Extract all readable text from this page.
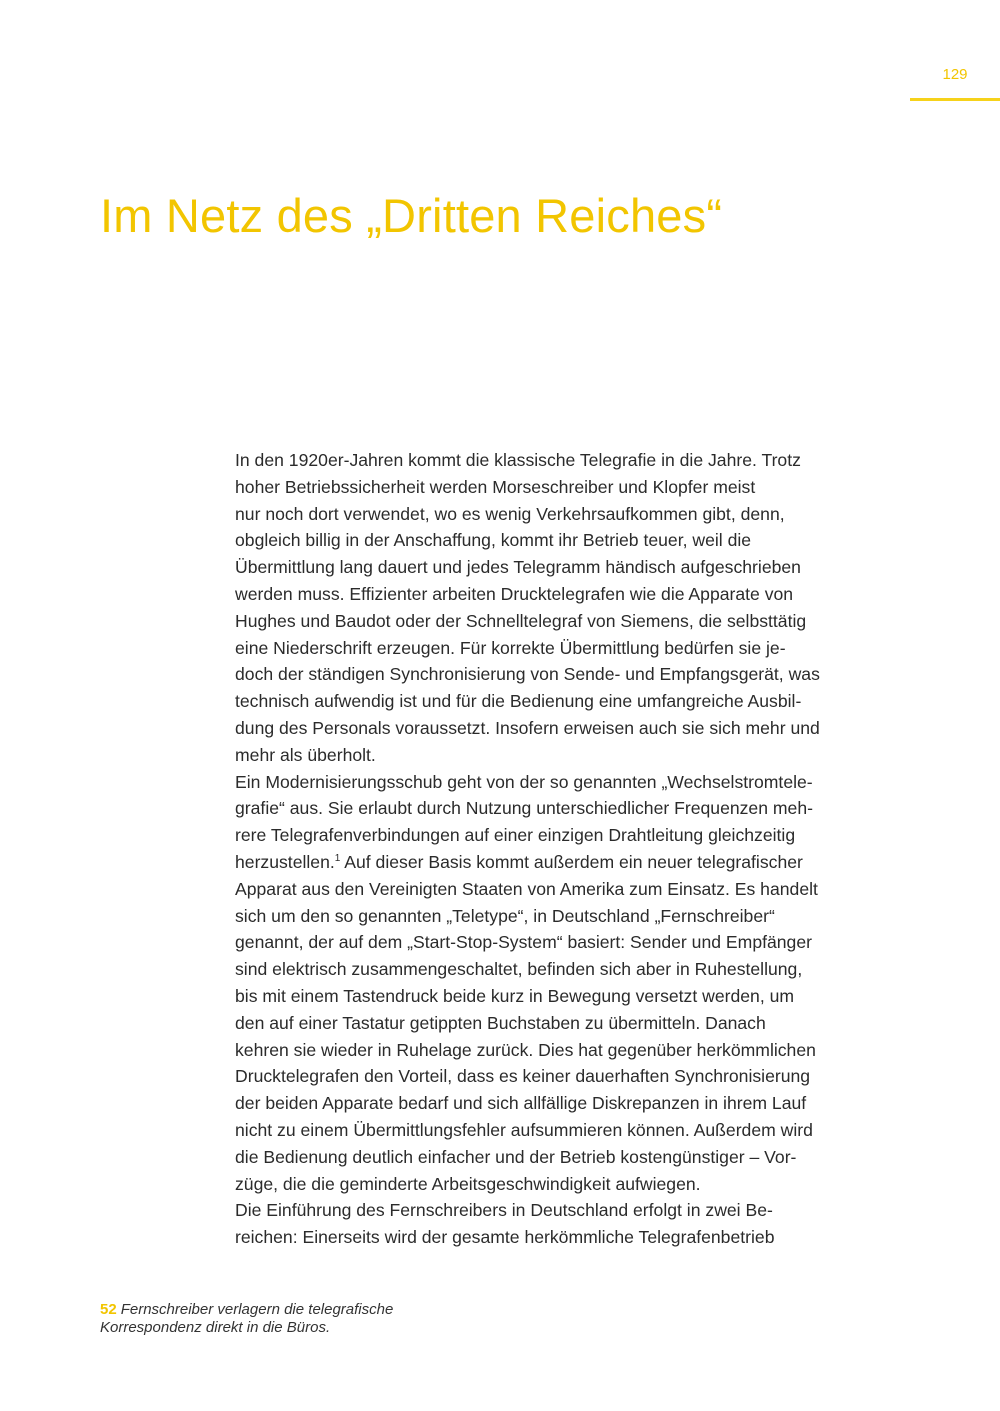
129
Im Netz des „Dritten Reiches“
In den 1920er-Jahren kommt die klassische Telegrafie in die Jahre. Trotz
hoher Betriebssicherheit werden Morseschreiber und Klopfer meist
nur noch dort verwendet, wo es wenig Verkehrsaufkommen gibt, denn,
obgleich billig in der Anschaffung, kommt ihr Betrieb teuer, weil die
Übermittlung lang dauert und jedes Telegramm händisch aufgeschrieben
werden muss. Effizienter arbeiten Drucktelegrafen wie die Apparate von
Hughes und Baudot oder der Schnelltelegraf von Siemens, die selbsttätig
eine Niederschrift erzeugen. Für korrekte Übermittlung bedürfen sie je-
doch der ständigen Synchronisierung von Sende- und Empfangsgerät, was
technisch aufwendig ist und für die Bedienung eine umfangreiche Ausbil-
dung des Personals voraussetzt. Insofern erweisen auch sie sich mehr und
mehr als überholt.
Ein Modernisierungsschub geht von der so genannten „Wechselstromtele-
grafie“ aus. Sie erlaubt durch Nutzung unterschiedlicher Frequenzen meh-
rere Telegrafenverbindungen auf einer einzigen Drahtleitung gleichzeitig
herzustellen.$^1$ Auf dieser Basis kommt außerdem ein neuer telegrafischer
Apparat aus den Vereinigten Staaten von Amerika zum Einsatz. Es handelt
sich um den so genannten „Teletype“, in Deutschland „Fernschreiber“
genannt, der auf dem „Start-Stop-System“ basiert: Sender und Empfänger
sind elektrisch zusammengeschaltet, befinden sich aber in Ruhestellung,
bis mit einem Tastendruck beide kurz in Bewegung versetzt werden, um
den auf einer Tastatur getippten Buchstaben zu übermitteln. Danach
kehren sie wieder in Ruhelage zurück. Dies hat gegenüber herkömmlichen
Drucktelegrafen den Vorteil, dass es keiner dauerhaften Synchronisierung
der beiden Apparate bedarf und sich allfällige Diskrepanzen in ihrem Lauf
nicht zu einem Übermittlungsfehler aufsummieren können. Außerdem wird
die Bedienung deutlich einfacher und der Betrieb kostengünstiger – Vor-
züge, die die geminderte Arbeitsgeschwindigkeit aufwiegen.
Die Einführung des Fernschreibers in Deutschland erfolgt in zwei Be-
reichen: Einerseits wird der gesamte herkömmliche Telegrafenbetrieb
52 Fernschreiber verlagern die telegrafische
Korrespondenz direkt in die Büros.
